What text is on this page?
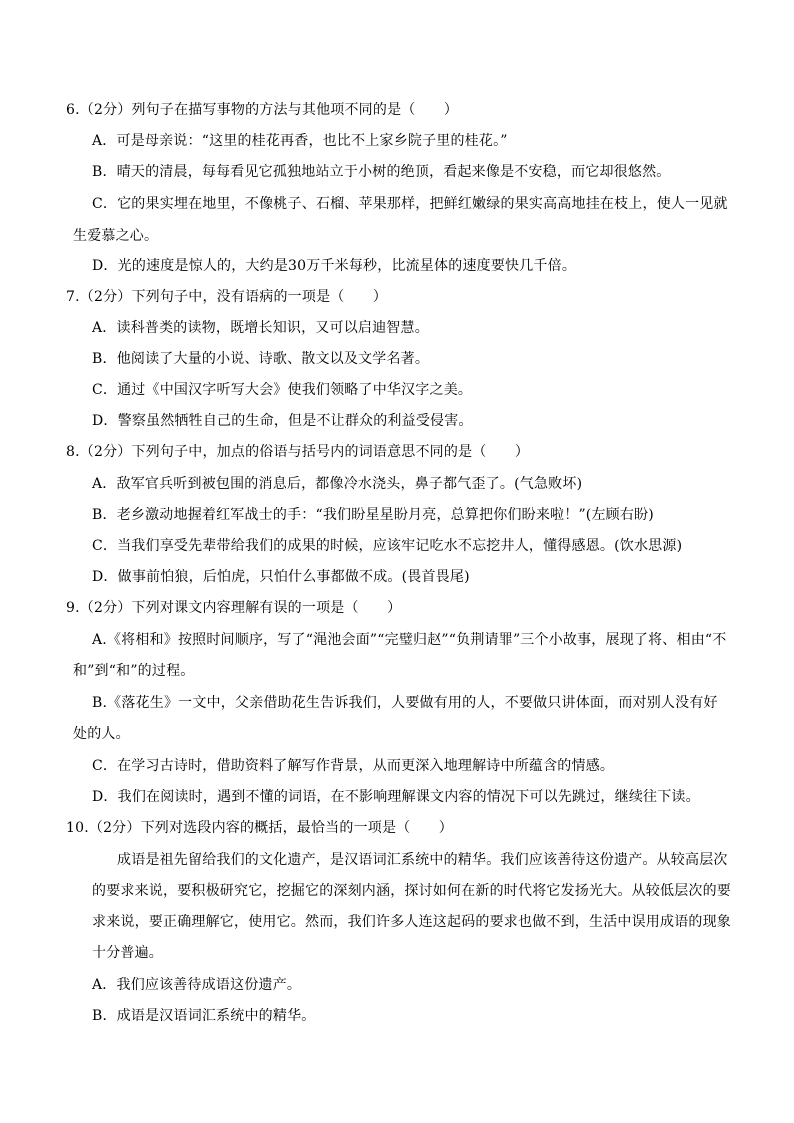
6.（2分）列句子在描写事物的方法与其他项不同的是（　　）
A．可是母亲说：“这里的桂花再香，也比不上家乡院子里的桂花。”
B．晴天的清晨，每每看见它孤独地站立于小树的绝顶，看起来像是不安稳，而它却很悠然。
C．它的果实埋在地里，不像桃子、石榴、苹果那样，把鲜红嫩绿的果实高高地挂在枝上，使人一见就
生爱慕之心。
D．光的速度是惊人的，大约是30万千米每秒，比流星体的速度要快几千倍。
7.（2分）下列句子中，没有语病的一项是（　　）
A．读科普类的读物，既增长知识，又可以启迪智慧。
B．他阅读了大量的小说、诗歌、散文以及文学名著。
C．通过《中国汉字听写大会》使我们领略了中华汉字之美。
D．警察虽然牺牲自己的生命，但是不让群众的利益受侵害。
8.（2分）下列句子中，加点的俗语与括号内的词语意思不同的是（　　）
A．敌军官兵听到被包围的消息后，都像冷水浇头，鼻子都气歪了。(气急败坏)
B．老乡激动地握着红军战士的手：“我们盼星星盼月亮，总算把你们盼来啦！”(左顾右盼)
C．当我们享受先辈带给我们的成果的时候，应该牢记吃水不忘挖井人，懂得感恩。(饮水思源)
D．做事前怕狼，后怕虎，只怕什么事都做不成。(畏首畏尾)
9.（2分）下列对课文内容理解有误的一项是（　　）
A.《将相和》按照时间顺序，写了“渑池会面”“完璧归赵”“负荆请罪”三个小故事，展现了将、相由“不
和”到“和”的过程。
B.《落花生》一文中，父亲借助花生告诉我们，人要做有用的人，不要做只讲体面，而对别人没有好
处的人。
C．在学习古诗时，借助资料了解写作背景，从而更深入地理解诗中所蕴含的情感。
D．我们在阅读时，遇到不懂的词语，在不影响理解课文内容的情况下可以先跳过，继续往下读。
10.（2分）下列对选段内容的概括，最恰当的一项是（　　）
成语是祖先留给我们的文化遗产，是汉语词汇系统中的精华。我们应该善待这份遗产。从较高层次
的要求来说，要积极研究它，挖掘它的深刻内涵，探讨如何在新的时代将它发扬光大。从较低层次的要
求来说，要正确理解它，使用它。然而，我们许多人连这起码的要求也做不到，生活中误用成语的现象
十分普遍。
A．我们应该善待成语这份遗产。
B．成语是汉语词汇系统中的精华。
